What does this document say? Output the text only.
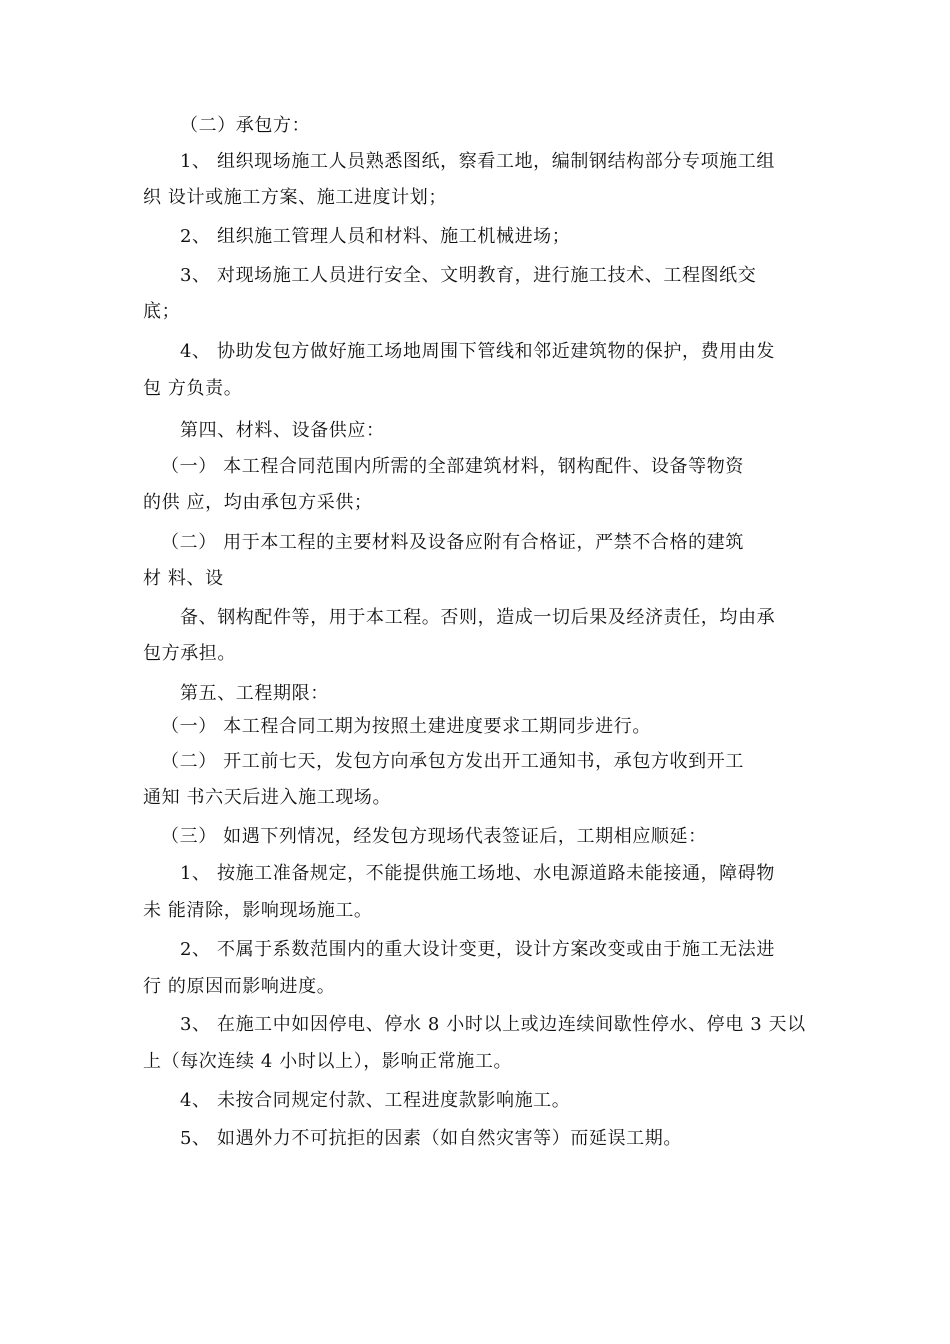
（二）承包方：
1、 组织现场施工人员熟悉图纸，察看工地，编制钢结构部分专项施工组
织 设计或施工方案、施工进度计划；
2、 组织施工管理人员和材料、施工机械进场；
3、 对现场施工人员进行安全、文明教育，进行施工技术、工程图纸交
底；
4、 协助发包方做好施工场地周围下管线和邻近建筑物的保护，费用由发
包 方负责。
第四、材料、设备供应：
（一） 本工程合同范围内所需的全部建筑材料，钢构配件、设备等物资
的供 应，均由承包方采供；
（二） 用于本工程的主要材料及设备应附有合格证，严禁不合格的建筑
材 料、设
备、钢构配件等，用于本工程。否则，造成一切后果及经济责任，均由承
包方承担。
第五、工程期限：
（一） 本工程合同工期为按照土建进度要求工期同步进行。
（二） 开工前七天，发包方向承包方发出开工通知书，承包方收到开工
通知 书六天后进入施工现场。
（三） 如遇下列情况，经发包方现场代表签证后，工期相应顺延：
1、 按施工准备规定，不能提供施工场地、水电源道路未能接通，障碍物
未 能清除，影响现场施工。
2、 不属于系数范围内的重大设计变更，设计方案改变或由于施工无法进
行 的原因而影响进度。
3、 在施工中如因停电、停水 8 小时以上或边连续间歇性停水、停电 3 天以
上（每次连续 4 小时以上），影响正常施工。
4、 未按合同规定付款、工程进度款影响施工。
5、 如遇外力不可抗拒的因素（如自然灾害等）而延误工期。
